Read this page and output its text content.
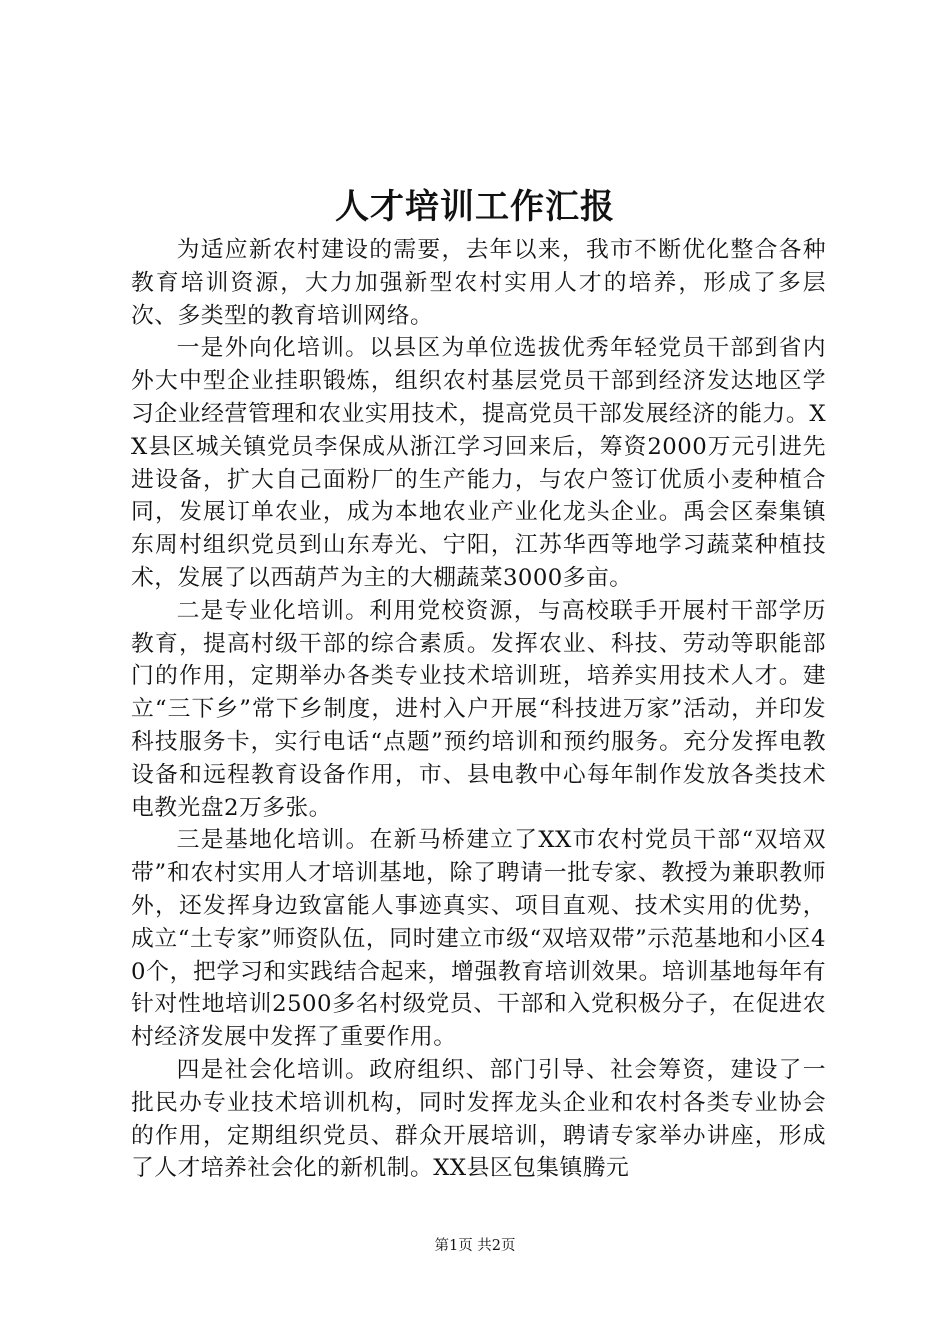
人才培训工作汇报

为适应新农村建设的需要，去年以来，我市不断优化整合各种教育培训资源，大力加强新型农村实用人才的培养，形成了多层次、多类型的教育培训网络。

一是外向化培训。以县区为单位选拔优秀年轻党员干部到省内外大中型企业挂职锻炼，组织农村基层党员干部到经济发达地区学习企业经营管理和农业实用技术，提高党员干部发展经济的能力。XX县区城关镇党员李保成从浙江学习回来后，筹资2000万元引进先进设备，扩大自己面粉厂的生产能力，与农户签订优质小麦种植合同，发展订单农业，成为本地农业产业化龙头企业。禹会区秦集镇东周村组织党员到山东寿光、宁阳，江苏华西等地学习蔬菜种植技术，发展了以西葫芦为主的大棚蔬菜3000多亩。

二是专业化培训。利用党校资源，与高校联手开展村干部学历教育，提高村级干部的综合素质。发挥农业、科技、劳动等职能部门的作用，定期举办各类专业技术培训班，培养实用技术人才。建立“三下乡”常下乡制度，进村入户开展“科技进万家”活动，并印发科技服务卡，实行电话“点题”预约培训和预约服务。充分发挥电教设备和远程教育设备作用，市、县电教中心每年制作发放各类技术电教光盘2万多张。

三是基地化培训。在新马桥建立了XX市农村党员干部“双培双带”和农村实用人才培训基地，除了聘请一批专家、教授为兼职教师外，还发挥身边致富能人事迹真实、项目直观、技术实用的优势，成立“土专家”师资队伍，同时建立市级“双培双带”示范基地和小区40个，把学习和实践结合起来，增强教育培训效果。培训基地每年有针对性地培训2500多名村级党员、干部和入党积极分子，在促进农村经济发展中发挥了重要作用。

四是社会化培训。政府组织、部门引导、社会筹资，建设了一批民办专业技术培训机构，同时发挥龙头企业和农村各类专业协会的作用，定期组织党员、群众开展培训，聘请专家举办讲座，形成了人才培养社会化的新机制。XX县区包集镇腾元

第1页 共2页
